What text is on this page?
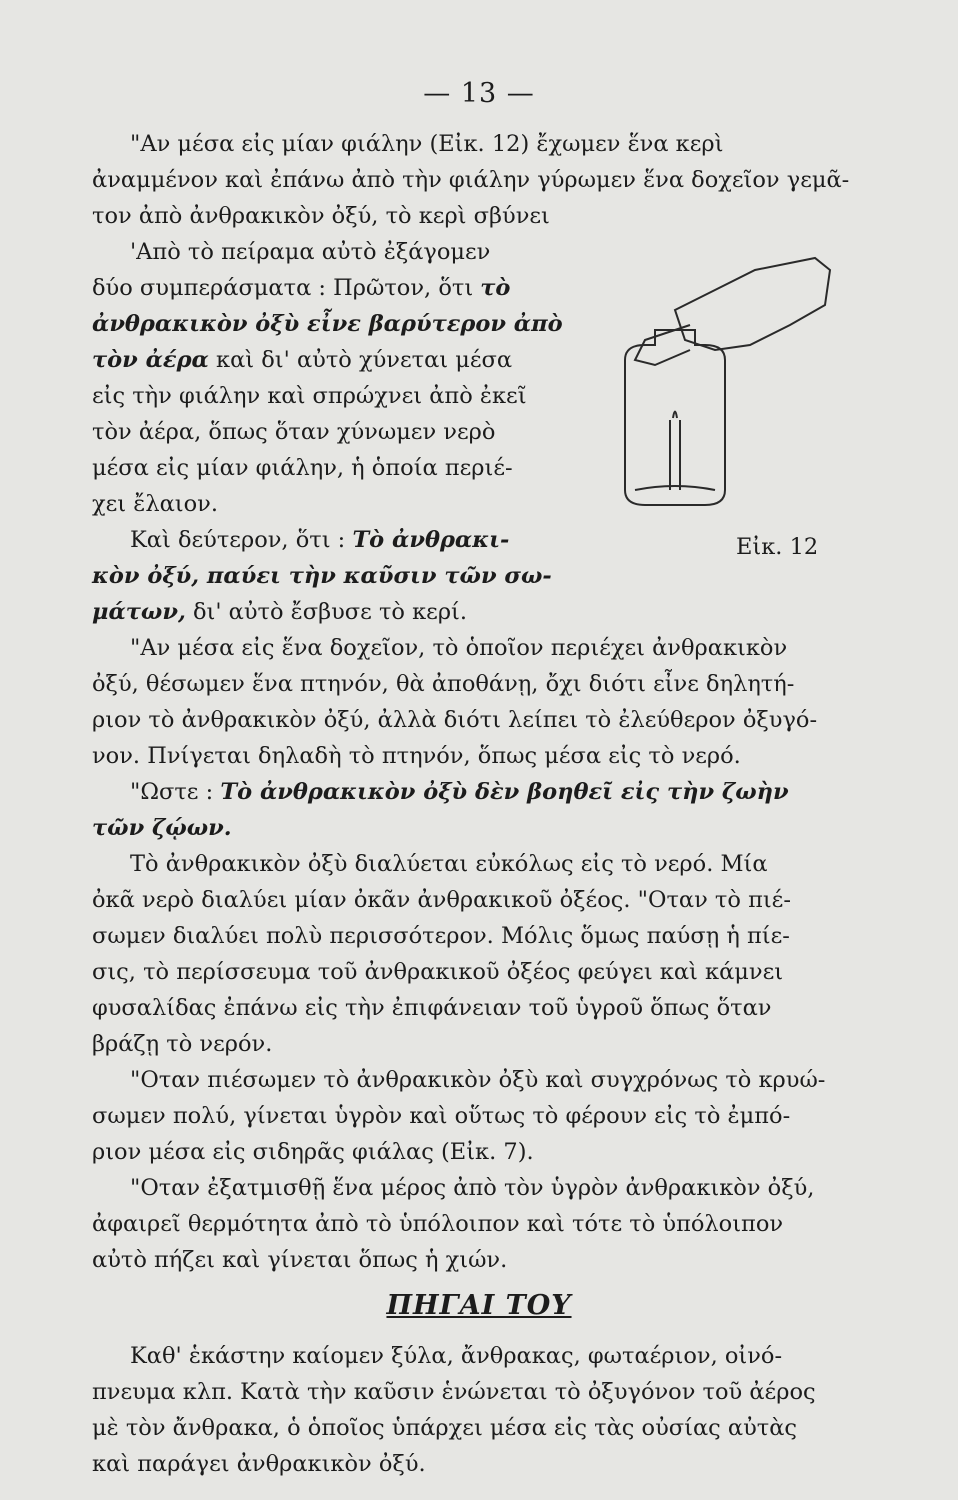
— 13 —
"Αν μέσα εἰς μίαν φιάλην (Εἰκ. 12) ἔχωμεν ἕνα κερὶ
ἀναμμένον καὶ ἐπάνω ἀπὸ τὴν φιάλην γύρωμεν ἕνα δοχεῖον γεμᾶ-
τον ἀπὸ ἀνθρακικὸν ὀξύ, τὸ κερὶ σβύνει
'Απὸ τὸ πείραμα αὐτὸ ἐξάγομεν
δύο συμπεράσματα : Πρῶτον, ὅτι τὸ
ἀνθρακικὸν ὀξὺ εἶνε βαρύτερον ἀπὸ
τὸν ἀέρα καὶ δι' αὐτὸ χύνεται μέσα
εἰς τὴν φιάλην καὶ σπρώχνει ἀπὸ ἐκεῖ
τὸν ἀέρα, ὅπως ὅταν χύνωμεν νερὸ
μέσα εἰς μίαν φιάλην, ἡ ὁποία περιέ-
χει ἔλαιον.
Καὶ δεύτερον, ὅτι : Τὸ ἀνθρακι-
κὸν ὀξύ, παύει τὴν καῦσιν τῶν σω-
μάτων, δι' αὐτὸ ἔσβυσε τὸ κερί.
"Αν μέσα εἰς ἕνα δοχεῖον, τὸ ὁποῖον περιέχει ἀνθρακικὸν
ὀξύ, θέσωμεν ἕνα πτηνόν, θὰ ἀποθάνῃ, ὄχι διότι εἶνε δηλητή-
ριον τὸ ἀνθρακικὸν ὀξύ, ἀλλὰ διότι λείπει τὸ ἐλεύθερον ὀξυγό-
νον. Πνίγεται δηλαδὴ τὸ πτηνόν, ὅπως μέσα εἰς τὸ νερό.
"Ωστε : Τὸ ἀνθρακικὸν ὀξὺ δὲν βοηθεῖ εἰς τὴν ζωὴν
τῶν ζῴων.
Τὸ ἀνθρακικὸν ὀξὺ διαλύεται εὐκόλως εἰς τὸ νερό. Μία
ὀκᾶ νερὸ διαλύει μίαν ὀκᾶν ἀνθρακικοῦ ὀξέος. "Οταν τὸ πιέ-
σωμεν διαλύει πολὺ περισσότερον. Μόλις ὅμως παύσῃ ἡ πίε-
σις, τὸ περίσσευμα τοῦ ἀνθρακικοῦ ὀξέος φεύγει καὶ κάμνει
φυσαλίδας ἐπάνω εἰς τὴν ἐπιφάνειαν τοῦ ὑγροῦ ὅπως ὅταν
βράζῃ τὸ νερόν.
"Οταν πιέσωμεν τὸ ἀνθρακικὸν ὀξὺ καὶ συγχρόνως τὸ κρυώ-
σωμεν πολύ, γίνεται ὑγρὸν καὶ οὕτως τὸ φέρουν εἰς τὸ ἐμπό-
ριον μέσα εἰς σιδηρᾶς φιάλας (Εἰκ. 7).
"Οταν ἐξατμισθῇ ἕνα μέρος ἀπὸ τὸν ὑγρὸν ἀνθρακικὸν ὀξύ,
ἀφαιρεῖ θερμότητα ἀπὸ τὸ ὑπόλοιπον καὶ τότε τὸ ὑπόλοιπον
αὐτὸ πήζει καὶ γίνεται ὅπως ἡ χιών.
ΠΗΓΑΙ ΤΟΥ
Καθ' ἑκάστην καίομεν ξύλα, ἄνθρακας, φωταέριον, οἰνό-
πνευμα κλπ. Κατὰ τὴν καῦσιν ἑνώνεται τὸ ὀξυγόνον τοῦ ἀέρος
μὲ τὸν ἄνθρακα, ὁ ὁποῖος ὑπάρχει μέσα εἰς τὰς οὐσίας αὐτὰς
καὶ παράγει ἀνθρακικὸν ὀξύ.
Εἰκ. 12
